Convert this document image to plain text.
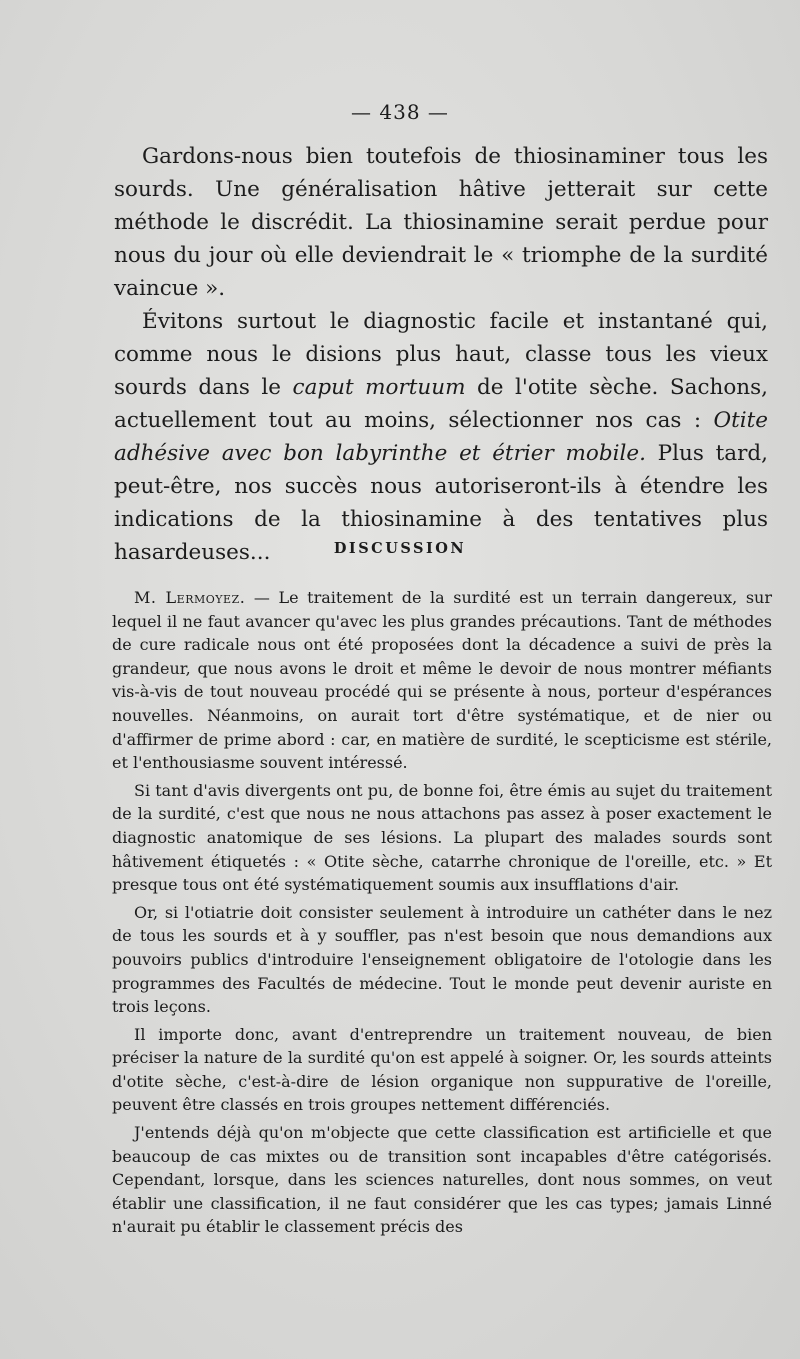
— 438 —

Gardons-nous bien toutefois de thiosinaminer tous les sourds. Une généralisation hâtive jetterait sur cette méthode le discrédit. La thiosinamine serait perdue pour nous du jour où elle deviendrait le « triomphe de la surdité vaincue ».

Évitons surtout le diagnostic facile et instantané qui, comme nous le disions plus haut, classe tous les vieux sourds dans le caput mortuum de l'otite sèche. Sachons, actuellement tout au moins, sélectionner nos cas : Otite adhésive avec bon labyrinthe et étrier mobile. Plus tard, peut-être, nos succès nous autoriseront-ils à étendre les indications de la thiosinamine à des tentatives plus hasardeuses...	DISCUSSION

M. Lermoyez. — Le traitement de la surdité est un terrain dangereux, sur lequel il ne faut avancer qu'avec les plus grandes précautions. Tant de méthodes de cure radicale nous ont été proposées dont la décadence a suivi de près la grandeur, que nous avons le droit et même le devoir de nous montrer méfiants vis-à-vis de tout nouveau procédé qui se présente à nous, porteur d'espérances nouvelles. Néanmoins, on aurait tort d'être systématique, et de nier ou d'affirmer de prime abord : car, en matière de surdité, le scepticisme est stérile, et l'enthousiasme souvent intéressé.

Si tant d'avis divergents ont pu, de bonne foi, être émis au sujet du traitement de la surdité, c'est que nous ne nous attachons pas assez à poser exactement le diagnostic anatomique de ses lésions. La plupart des malades sourds sont hâtivement étiquetés : « Otite sèche, catarrhe chronique de l'oreille, etc. » Et presque tous ont été systématiquement soumis aux insufflations d'air.

Or, si l'otiatrie doit consister seulement à introduire un cathéter dans le nez de tous les sourds et à y souffler, pas n'est besoin que nous demandions aux pouvoirs publics d'introduire l'enseignement obligatoire de l'otologie dans les programmes des Facultés de médecine. Tout le monde peut devenir auriste en trois leçons.

Il importe donc, avant d'entreprendre un traitement nouveau, de bien préciser la nature de la surdité qu'on est appelé à soigner. Or, les sourds atteints d'otite sèche, c'est-à-dire de lésion organique non suppurative de l'oreille, peuvent être classés en trois groupes nettement différenciés.

J'entends déjà qu'on m'objecte que cette classification est artificielle et que beaucoup de cas mixtes ou de transition sont incapables d'être catégorisés. Cependant, lorsque, dans les sciences naturelles, dont nous sommes, on veut établir une classification, il ne faut considérer que les cas types; jamais Linné n'aurait pu établir le classement précis des
